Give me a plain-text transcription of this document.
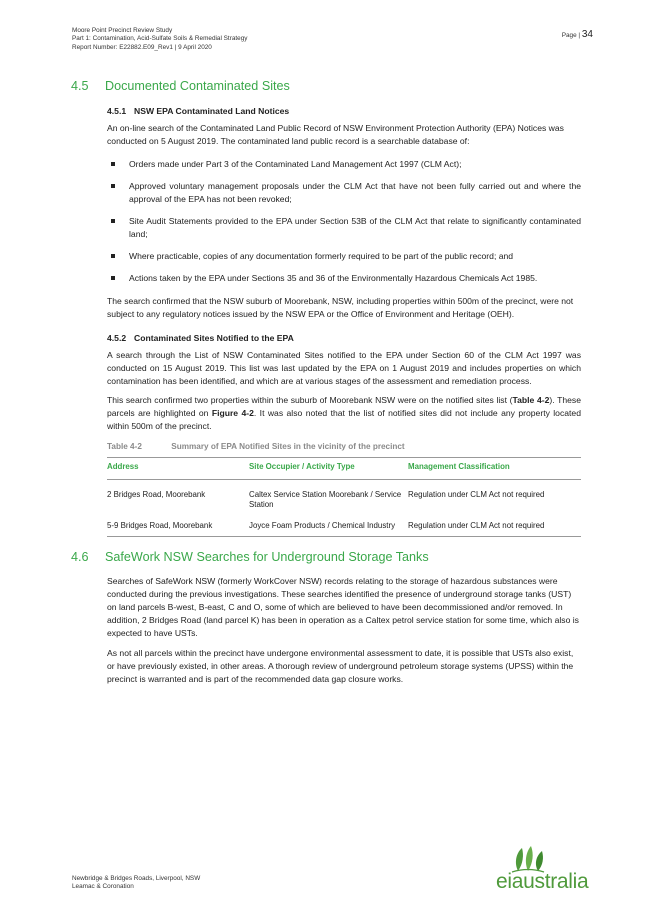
Moore Point Precinct Review Study
Part 1: Contamination, Acid-Sulfate Soils & Remedial Strategy
Report Number: E22882.E09_Rev1 | 9 April 2020
Page | 34
4.5	Documented Contaminated Sites
4.5.1 NSW EPA Contaminated Land Notices

An on-line search of the Contaminated Land Public Record of NSW Environment Protection Authority (EPA) Notices was conducted on 5 August 2019. The contaminated land public record is a searchable database of:

Orders made under Part 3 of the Contaminated Land Management Act 1997 (CLM Act);
Approved voluntary management proposals under the CLM Act that have not been fully carried out and where the approval of the EPA has not been revoked;
Site Audit Statements provided to the EPA under Section 53B of the CLM Act that relate to significantly contaminated land;
Where practicable, copies of any documentation formerly required to be part of the public record; and
Actions taken by the EPA under Sections 35 and 36 of the Environmentally Hazardous Chemicals Act 1985.

The search confirmed that the NSW suburb of Moorebank, NSW, including properties within 500m of the precinct, were not subject to any regulatory notices issued by the NSW EPA or the Office of Environment and Heritage (OEH).

4.5.2 Contaminated Sites Notified to the EPA

A search through the List of NSW Contaminated Sites notified to the EPA under Section 60 of the CLM Act 1997 was conducted on 15 August 2019. This list was last updated by the EPA on 1 August 2019 and includes properties on which contamination has been identified, and which are at various stages of the assessment and remediation process.

This search confirmed two properties within the suburb of Moorebank NSW were on the notified sites list (Table 4-2). These parcels are highlighted on Figure 4-2. It was also noted that the list of notified sites did not include any property located within 500m of the precinct.

Table 4-2	Summary of EPA Notified Sites in the vicinity of the precinct
Address	Site Occupier / Activity Type	Management Classification
2 Bridges Road, Moorebank	Caltex Service Station Moorebank / Service Station	Regulation under CLM Act not required
5-9 Bridges Road, Moorebank	Joyce Foam Products / Chemical Industry	Regulation under CLM Act not required
4.6	SafeWork NSW Searches for Underground Storage Tanks

Searches of SafeWork NSW (formerly WorkCover NSW) records relating to the storage of hazardous substances were conducted during the previous investigations. These searches identified the presence of underground storage tanks (UST) on land parcels B-west, B-east, C and O, some of which are believed to have been decommissioned and/or removed. In addition, 2 Bridges Road (land parcel K) has been in operation as a Caltex petrol service station for some time, which also is expected to have USTs.

As not all parcels within the precinct have undergone environmental assessment to date, it is possible that USTs also exist, or have previously existed, in other areas. A thorough review of underground petroleum storage systems (UPSS) within the precinct is warranted and is part of the recommended data gap closure works.

Newbridge & Bridges Roads, Liverpool, NSW
Leamac & Coronation	eiaustralia
